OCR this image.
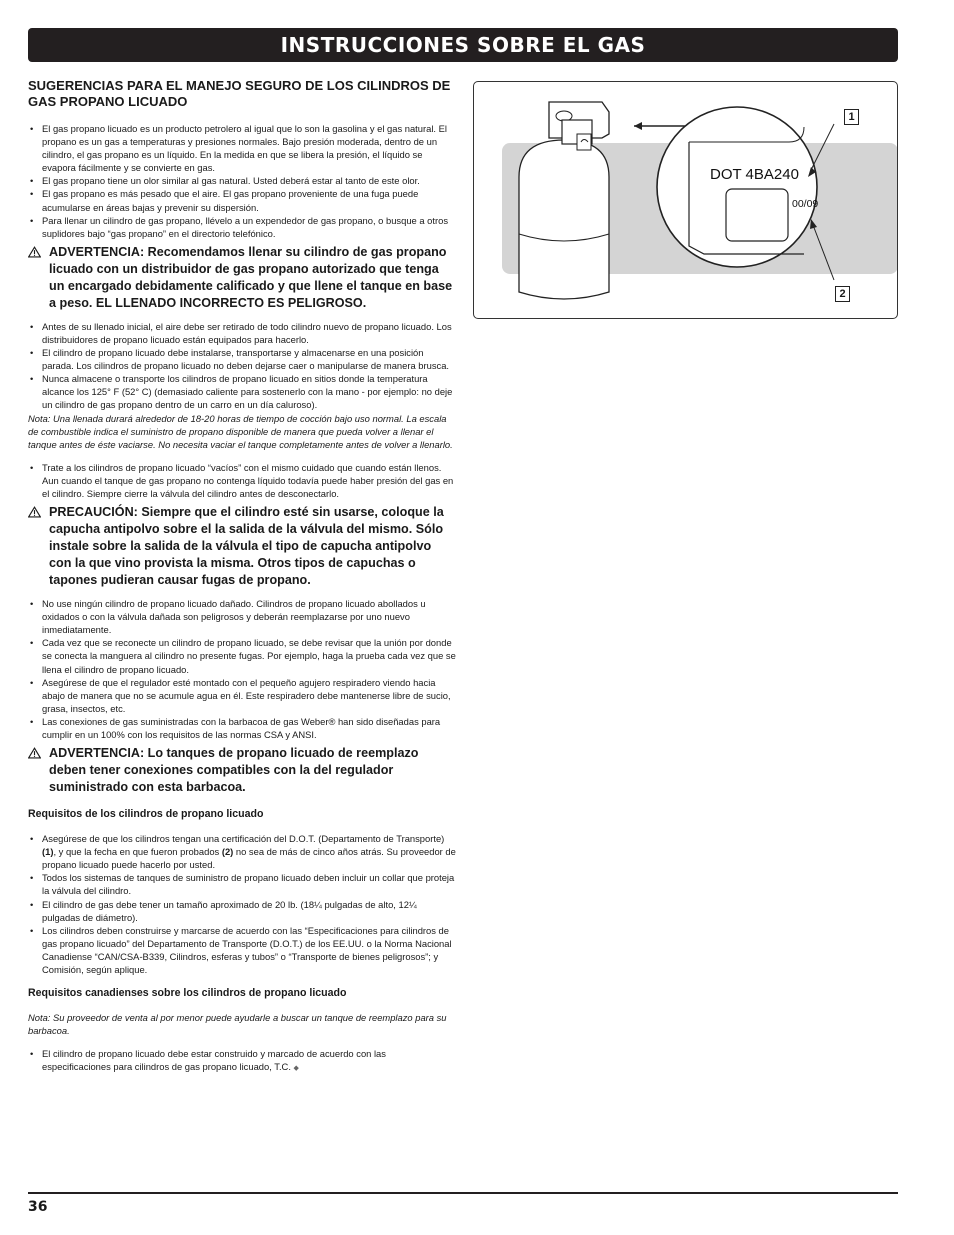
INSTRUCCIONES SOBRE EL GAS
SUGERENCIAS PARA EL MANEJO SEGURO DE LOS CILINDROS DE GAS PROPANO LICUADO
• El gas propano licuado es un producto petrolero al igual que lo son la gasolina y el gas natural. El propano es un gas a temperaturas y presiones normales. Bajo presión moderada, dentro de un cilindro, el gas propano es un líquido. En la medida en que se libera la presión, el líquido se evapora fácilmente y se convierte en gas.
• El gas propano tiene un olor similar al gas natural. Usted deberá estar al tanto de este olor.
• El gas propano es más pesado que el aire. El gas propano proveniente de una fuga puede acumularse en áreas bajas y prevenir su dispersión.
• Para llenar un cilindro de gas propano, llévelo a un expendedor de gas propano, o busque a otros suplidores bajo “gas propano” en el directorio telefónico.
ADVERTENCIA: Recomendamos llenar su cilindro de gas propano licuado con un distribuidor de gas propano autorizado que tenga un encargado debidamente calificado y que llene el tanque en base a peso. EL LLENADO INCORRECTO ES PELIGROSO.
• Antes de su llenado inicial, el aire debe ser retirado de todo cilindro nuevo de propano licuado. Los distribuidores de propano licuado están equipados para hacerlo.
• El cilindro de propano licuado debe instalarse, transportarse y almacenarse en una posición parada. Los cilindros de propano licuado no deben dejarse caer o manipularse de manera brusca.
• Nunca almacene o transporte los cilindros de propano licuado en sitios donde la temperatura alcance los 125° F (52° C) (demasiado caliente para sostenerlo con la mano - por ejemplo: no deje un cilindro de gas propano dentro de un carro en un día caluroso).

Nota: Una llenada durará alrededor de 18-20 horas de tiempo de cocción bajo uso normal. La escala de combustible indica el suministro de propano disponible de manera que pueda volver a llenar el tanque antes de éste vaciarse. No necesita vaciar el tanque completamente antes de volver a llenarlo.

• Trate a los cilindros de propano licuado “vacíos” con el mismo cuidado que cuando están llenos. Aun cuando el tanque de gas propano no contenga líquido todavía puede haber presión del gas en el cilindro. Siempre cierre la válvula del cilindro antes de desconectarlo.
PRECAUCIÓN: Siempre que el cilindro esté sin usarse, coloque la capucha antipolvo sobre el la salida de la válvula del mismo. Sólo instale sobre la salida de la válvula el tipo de capucha antipolvo con la que vino provista la misma. Otros tipos de capuchas o tapones pudieran causar fugas de propano.
• No use ningún cilindro de propano licuado dañado. Cilindros de propano licuado abollados u oxidados o con la válvula dañada son peligrosos y deberán reemplazarse por uno nuevo inmediatamente.
• Cada vez que se reconecte un cilindro de propano licuado, se debe revisar que la unión por donde se conecta la manguera al cilindro no presente fugas. Por ejemplo, haga la prueba cada vez que se llena el cilindro de propano licuado.
• Asegúrese de que el regulador esté montado con el pequeño agujero respiradero viendo hacia abajo de manera que no se acumule agua en él. Este respiradero debe mantenerse libre de sucio, grasa, insectos, etc.
• Las conexiones de gas suministradas con la barbacoa de gas Weber® han sido diseñadas para cumplir en un 100% con los requisitos de las normas CSA y ANSI.
ADVERTENCIA: Lo tanques de propano licuado de reemplazo deben tener conexiones compatibles con la del regulador suministrado con esta barbacoa.
Requisitos de los cilindros de propano licuado
• Asegúrese de que los cilindros tengan una certificación del D.O.T. (Departamento de Transporte) (1), y que la fecha en que fueron probados (2) no sea de más de cinco años atrás. Su proveedor de propano licuado puede hacerlo por usted.
• Todos los sistemas de tanques de suministro de propano licuado deben incluir un collar que proteja la válvula del cilindro.
• El cilindro de gas debe tener un tamaño aproximado de 20 lb. (18¼ pulgadas de alto, 12¼ pulgadas de diámetro).
• Los cilindros deben construirse y marcarse de acuerdo con las “Especificaciones para cilindros de gas propano licuado” del Departamento de Transporte (D.O.T.) de los EE.UU. o la Norma Nacional Canadiense “CAN/CSA-B339, Cilindros, esferas y tubos” o “Transporte de bienes peligrosos”; y Comisión, según aplique.
Requisitos canadienses sobre los cilindros de propano licuado

Nota: Su proveedor de venta al por menor puede ayudarle a buscar un tanque de reemplazo para su barbacoa.

• El cilindro de propano licuado debe estar construido y marcado de acuerdo con las especificaciones para cilindros de gas propano licuado, T.C. ◆
DOT 4BA240
00/09
1
2
36
